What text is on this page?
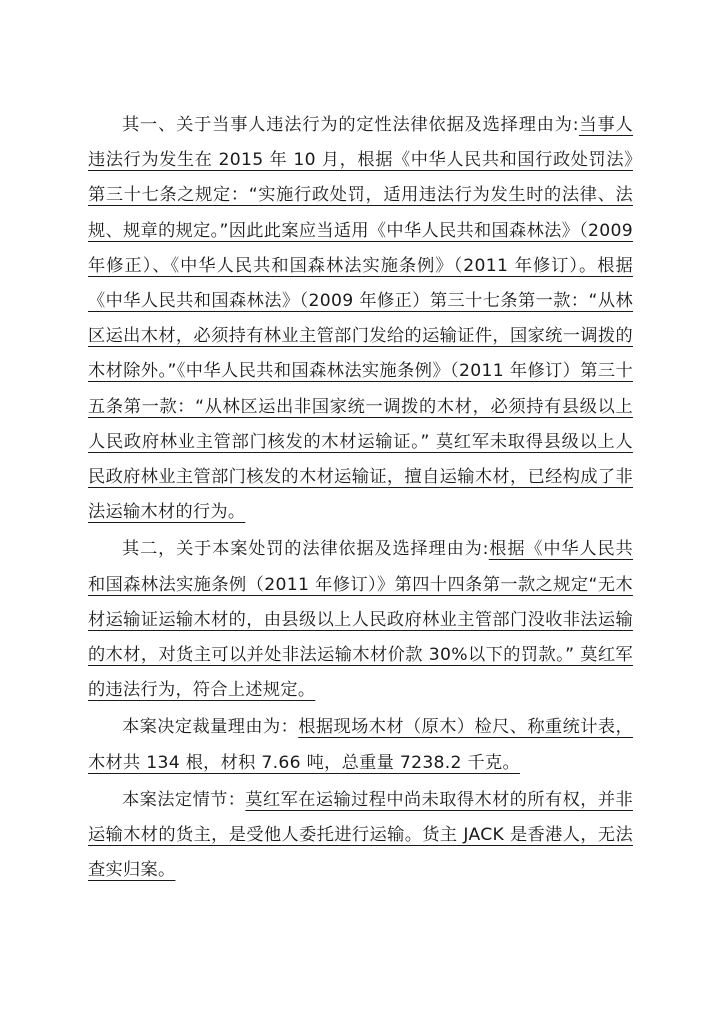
其一、关于当事人违法行为的定性法律依据及选择理由为:当事人违法行为发生在 2015 年 10 月，根据《中华人民共和国行政处罚法》第三十七条之规定：“实施行政处罚，适用违法行为发生时的法律、法规、规章的规定。”因此此案应当适用《中华人民共和国森林法》（2009 年修正）、《中华人民共和国森林法实施条例》（2011 年修订）。根据《中华人民共和国森林法》（2009 年修正）第三十七条第一款：“从林区运出木材，必须持有林业主管部门发给的运输证件，国家统一调拨的木材除外。”《中华人民共和国森林法实施条例》（2011 年修订）第三十五条第一款：“从林区运出非国家统一调拨的木材，必须持有县级以上人民政府林业主管部门核发的木材运输证。” 莫红军未取得县级以上人民政府林业主管部门核发的木材运输证，擅自运输木材，已经构成了非法运输木材的行为。

其二，关于本案处罚的法律依据及选择理由为:根据《中华人民共和国森林法实施条例（2011 年修订）》第四十四条第一款之规定“无木材运输证运输木材的，由县级以上人民政府林业主管部门没收非法运输的木材，对货主可以并处非法运输木材价款 30%以下的罚款。” 莫红军的违法行为，符合上述规定。

本案决定裁量理由为：根据现场木材（原木）检尺、称重统计表，木材共 134 根，材积 7.66 吨，总重量 7238.2 千克。

本案法定情节：莫红军在运输过程中尚未取得木材的所有权，并非运输木材的货主，是受他人委托进行运输。货主 JACK 是香港人，无法查实归案。
